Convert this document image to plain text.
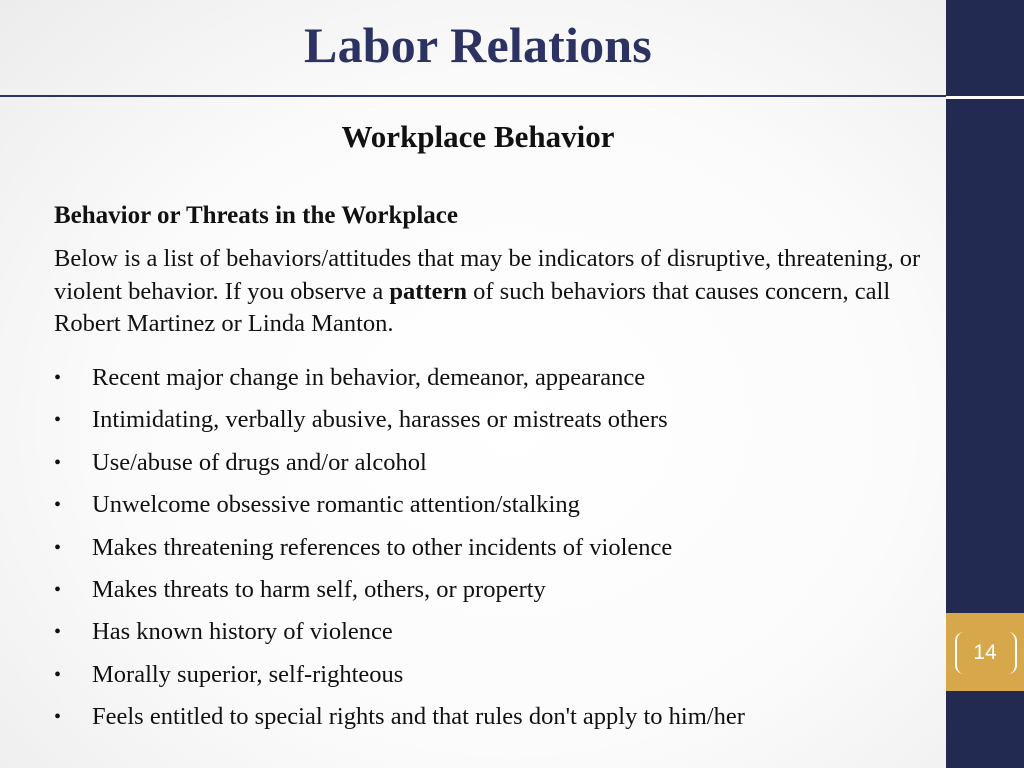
14
Labor Relations
Workplace Behavior
Behavior or Threats in the Workplace
Below is a list of behaviors/attitudes that may be indicators of disruptive, threatening, or violent behavior. If you observe a pattern of such behaviors that causes concern, call Robert Martinez or Linda Manton.
• Recent major change in behavior, demeanor, appearance
• Intimidating, verbally abusive, harasses or mistreats others
• Use/abuse of drugs and/or alcohol
• Unwelcome obsessive romantic attention/stalking
• Makes threatening references to other incidents of violence
• Makes threats to harm self, others, or property
• Has known history of violence
• Morally superior, self-righteous
• Feels entitled to special rights and that rules don't apply to him/her
